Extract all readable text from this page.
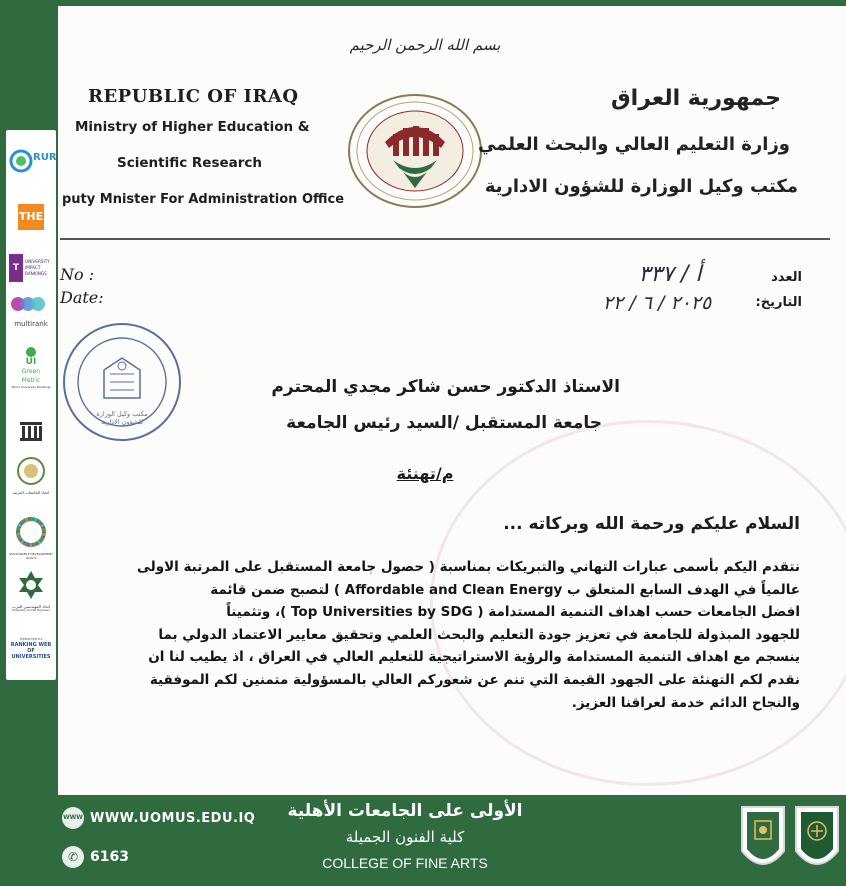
بسم الله الرحمن الرحيم
REPUBLIC OF IRAQ
Ministry of Higher Education &
Scientific Research
puty Mnister For Administration Office
جمهورية العراق
وزارة التعليم العالي والبحث العلمي
مكتب وكيل الوزارة للشؤون الادارية
No :
Date:
العدد
التاريخ:
أ / ٣٣٧
٢٠٢٥ / ٦ / ٢٢
مكتب وكيل الوزارة للشؤون الادارية
الاستاذ الدكتور حسن شاكر مجدي المحترم
جامعة المستقبل /السيد رئيس الجامعة
م/تهنئة
السلام عليكم ورحمة الله وبركاته ...
نتقدم اليكم بأسمى عبارات التهاني والتبريكات بمناسبة ( حصول جامعة المستقبل على المرتبة الاولى
عالمياً في الهدف السابع المتعلق ب Affordable and Clean Energy ) لتصبح ضمن قائمة
افضل الجامعات حسب اهداف التنمية المستدامة ( Top Universities by SDG )، وتثميناً
للجهود المبذولة للجامعة في تعزيز جودة التعليم والبحث العلمي وتحقيق معايير الاعتماد الدولي بما
ينسجم مع اهداف التنمية المستدامة والرؤية الاستراتيجية للتعليم العالي في العراق ، اذ يطيب لنا ان
نقدم لكم التهنئة على الجهود القيمة التي تنم عن شعوركم العالي بالمسؤولية متمنين لكم الموفقية
والنجاح الدائم خدمة لعراقنا العزيز.
RUR
THE
T
UNIVERSITY
IMPACT
RANKINGS
multirank
UI
Green
Metric
World University Rankings
اتحاد الجامعات العربية
SUSTAINABLE DEVELOPMENT GOALS
اتحاد المهندسين العرب
Federation of Arab Engineers
Webometrics
RANKING WEB
OF UNIVERSITIES
WWW WWW.UOMUS.EDU.IQ
✆ 6163
الأولى على الجامعات الأهلية
كلية الفنون الجميلة
COLLEGE OF FINE ARTS
